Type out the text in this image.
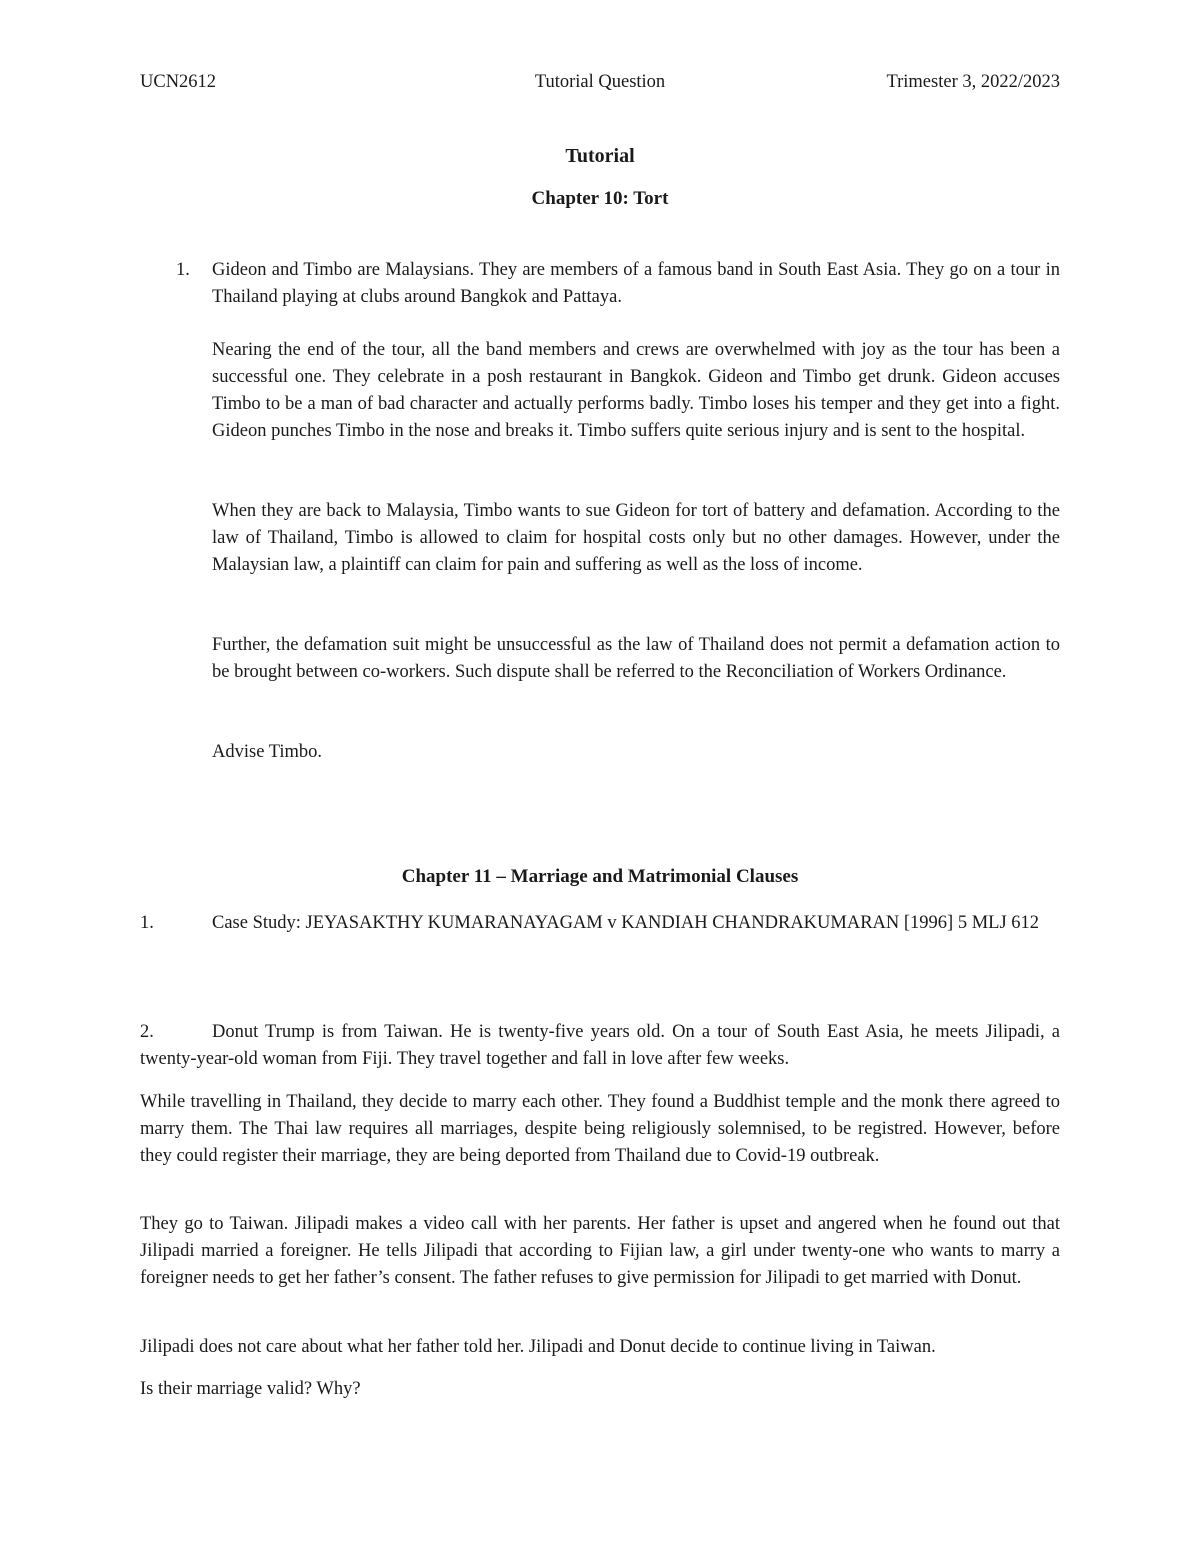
UCN2612	Tutorial Question	Trimester 3, 2022/2023
Tutorial
Chapter 10: Tort
1. Gideon and Timbo are Malaysians. They are members of a famous band in South East Asia. They go on a tour in Thailand playing at clubs around Bangkok and Pattaya.
Nearing the end of the tour, all the band members and crews are overwhelmed with joy as the tour has been a successful one. They celebrate in a posh restaurant in Bangkok. Gideon and Timbo get drunk. Gideon accuses Timbo to be a man of bad character and actually performs badly. Timbo loses his temper and they get into a fight. Gideon punches Timbo in the nose and breaks it. Timbo suffers quite serious injury and is sent to the hospital.
When they are back to Malaysia, Timbo wants to sue Gideon for tort of battery and defamation. According to the law of Thailand, Timbo is allowed to claim for hospital costs only but no other damages. However, under the Malaysian law, a plaintiff can claim for pain and suffering as well as the loss of income.
Further, the defamation suit might be unsuccessful as the law of Thailand does not permit a defamation action to be brought between co-workers. Such dispute shall be referred to the Reconciliation of Workers Ordinance.
Advise Timbo.
Chapter 11 – Marriage and Matrimonial Clauses
1.	Case Study: JEYASAKTHY KUMARANAYAGAM v KANDIAH CHANDRAKUMARAN [1996] 5 MLJ 612
2.	Donut Trump is from Taiwan. He is twenty-five years old. On a tour of South East Asia, he meets Jilipadi, a twenty-year-old woman from Fiji. They travel together and fall in love after few weeks.
While travelling in Thailand, they decide to marry each other. They found a Buddhist temple and the monk there agreed to marry them. The Thai law requires all marriages, despite being religiously solemnised, to be registred. However, before they could register their marriage, they are being deported from Thailand due to Covid-19 outbreak.
They go to Taiwan. Jilipadi makes a video call with her parents. Her father is upset and angered when he found out that Jilipadi married a foreigner. He tells Jilipadi that according to Fijian law, a girl under twenty-one who wants to marry a foreigner needs to get her father’s consent. The father refuses to give permission for Jilipadi to get married with Donut.
Jilipadi does not care about what her father told her. Jilipadi and Donut decide to continue living in Taiwan.
Is their marriage valid? Why?
